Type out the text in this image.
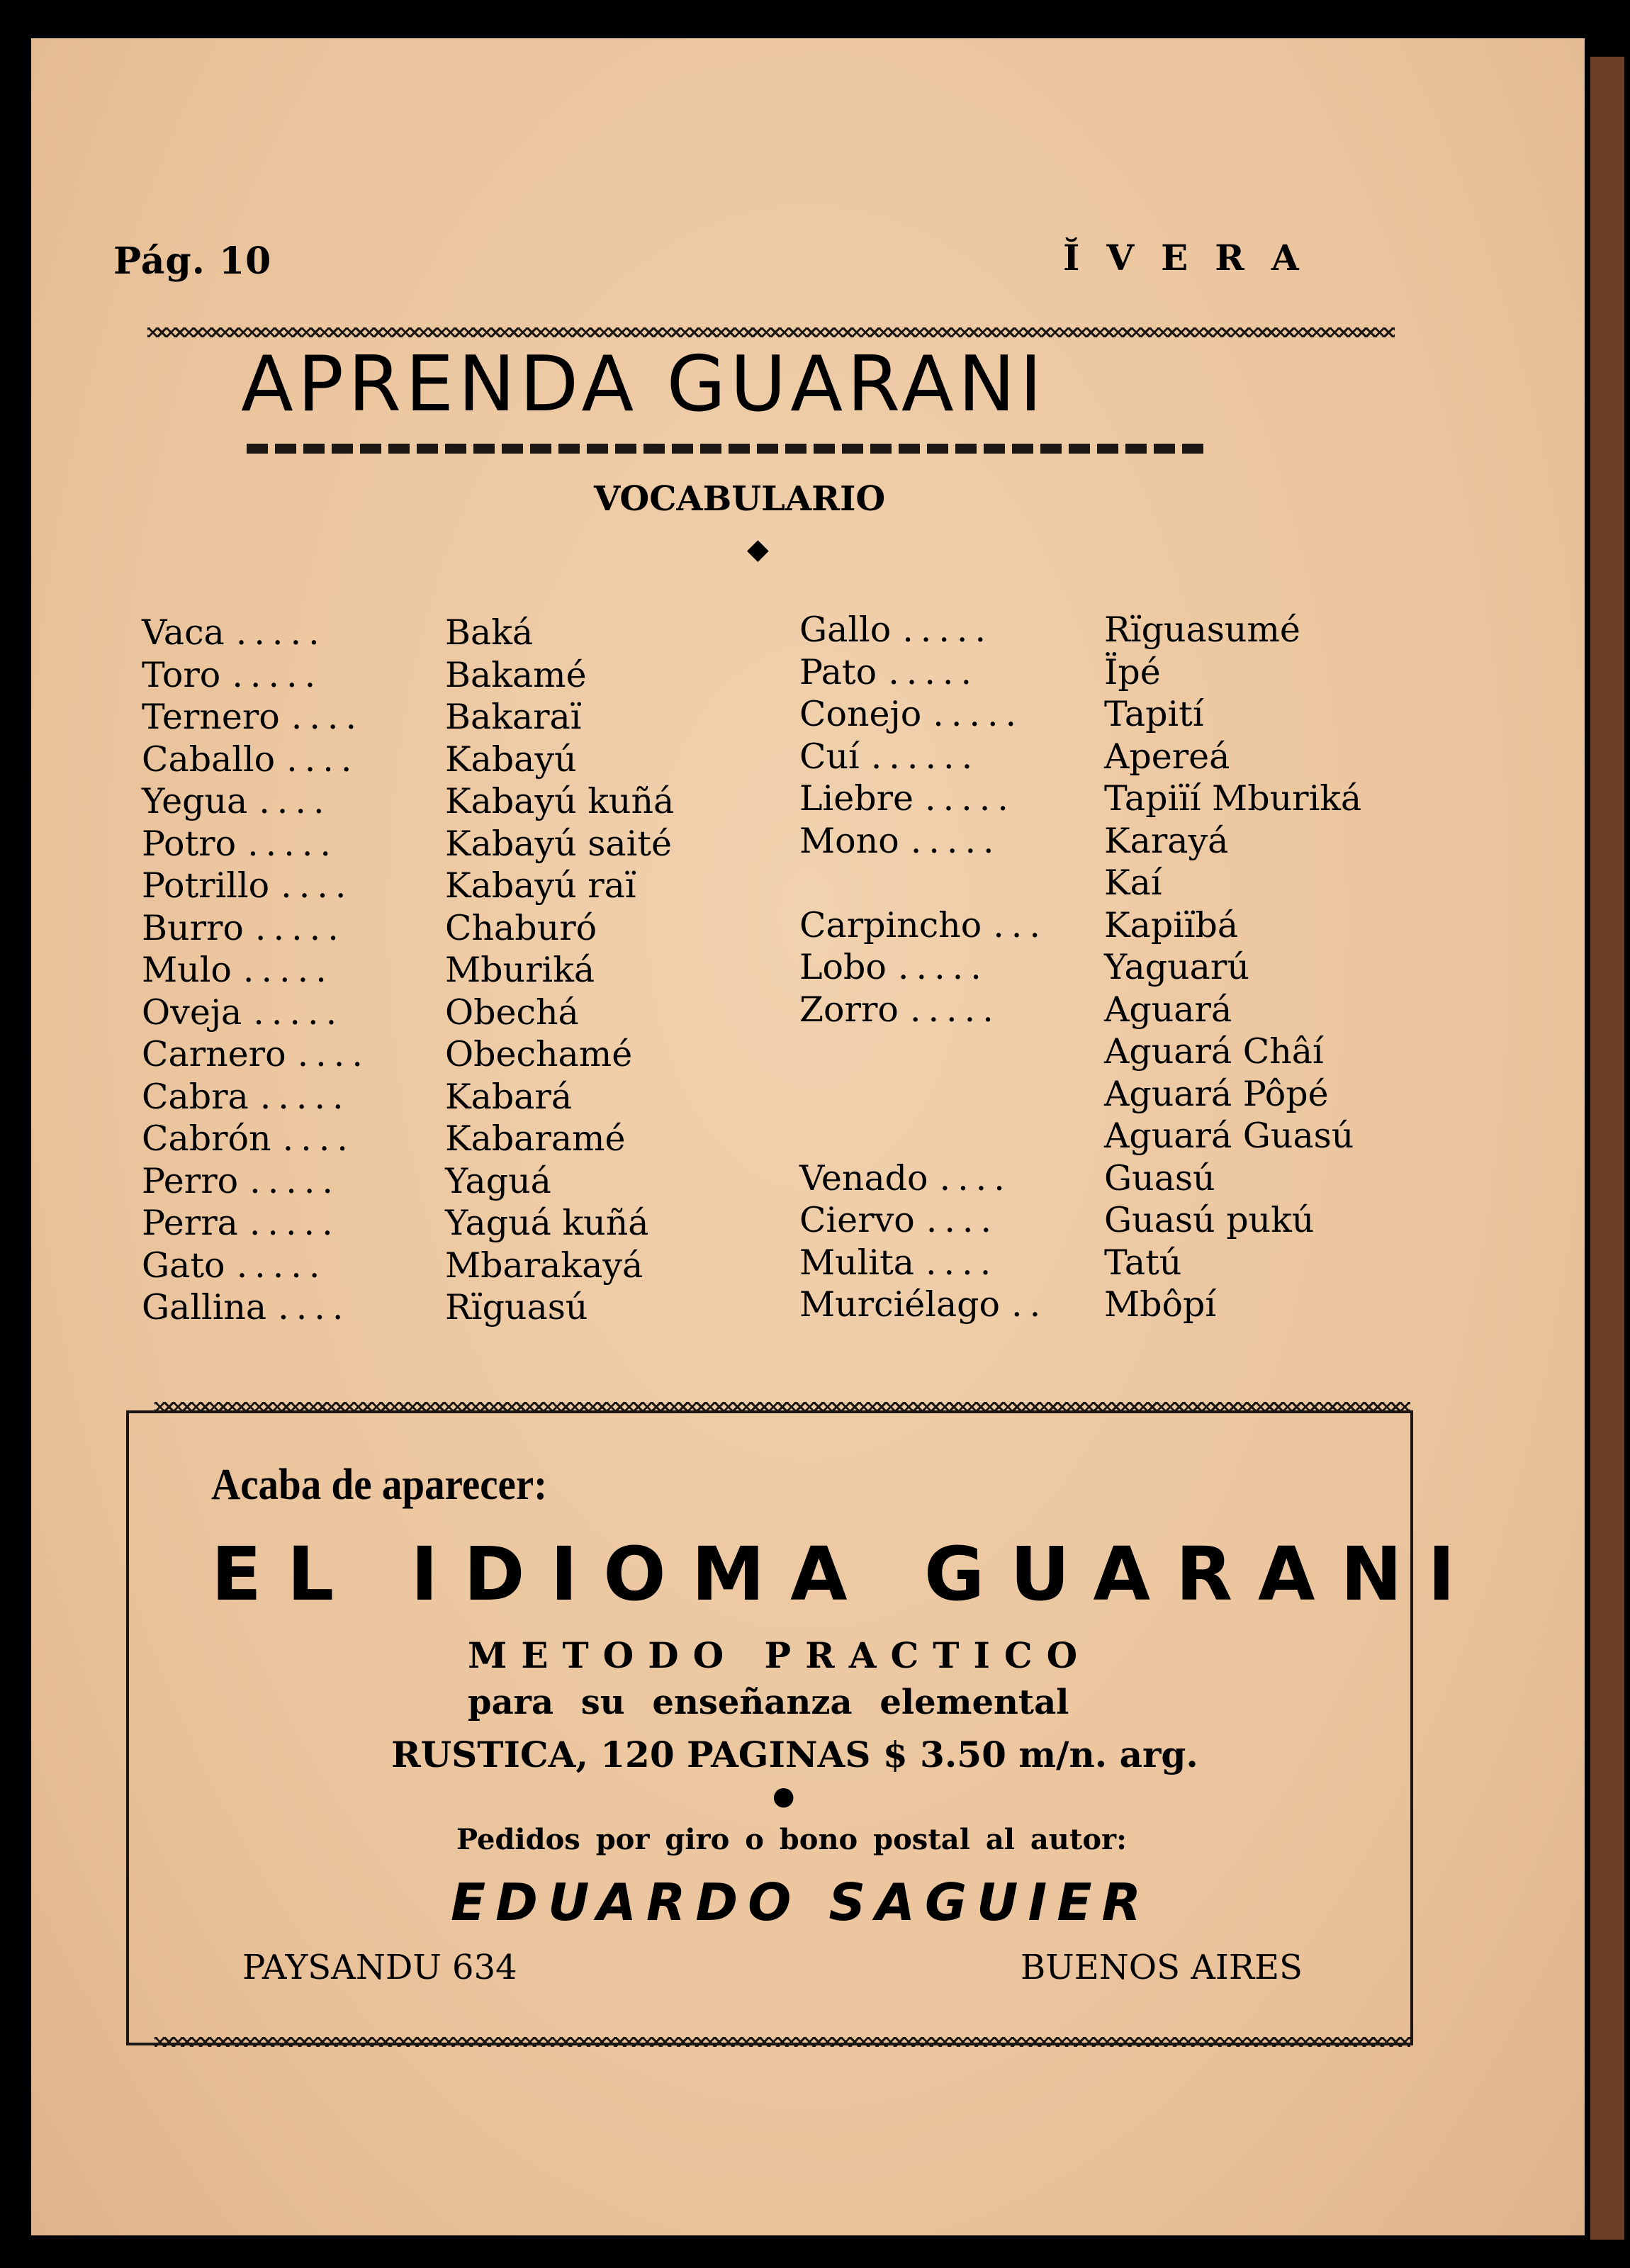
Pág. 10	ĬVERA
APRENDA GUARANI
VOCABULARIO
◆
Vaca .....	Baká
Toro .....	Bakamé
Ternero .... Bakaraï
Caballo .... Kabayú
Yegua ....	Kabayú kuñá
Potro .....	Kabayú saité
Potrillo ....	Kabayú raï
Burro .....	Chaburó
Mulo .....	Mburiká
Oveja .....	Obechá
Carnero .... Obechamé
Cabra .....	Kabará
Cabrón ....	Kabaramé
Perro .....	Yaguá
Perra .....	Yaguá kuñá
Gato .....	Mbarakayá
Gallina ....	Rïguasú
Gallo .....	Rïguasumé
Pato .....	Ïpé
Conejo ..... Tapití
Cuí ......	Apereá
Liebre .....	Tapiïí Mburiká
Mono .....	Karayá
Kaí
Carpincho ... Kapiïbá
Lobo .....	Yaguarú
Zorro .....	Aguará
Aguará Châí
Aguará Pôpé
Aguará Guasú
Venado ....	Guasú
Ciervo ....	Guasú pukú
Mulita ....	Tatú
Murciélago .. Mbôpí
Acaba de aparecer:
EL IDIOMA GUARANI
METODO PRACTICO
para su enseñanza elemental
RUSTICA, 120 PAGINAS $ 3.50 m/n. arg.
●
Pedidos por giro o bono postal al autor:
EDUARDO SAGUIER
PAYSANDU 634	BUENOS AIRES
